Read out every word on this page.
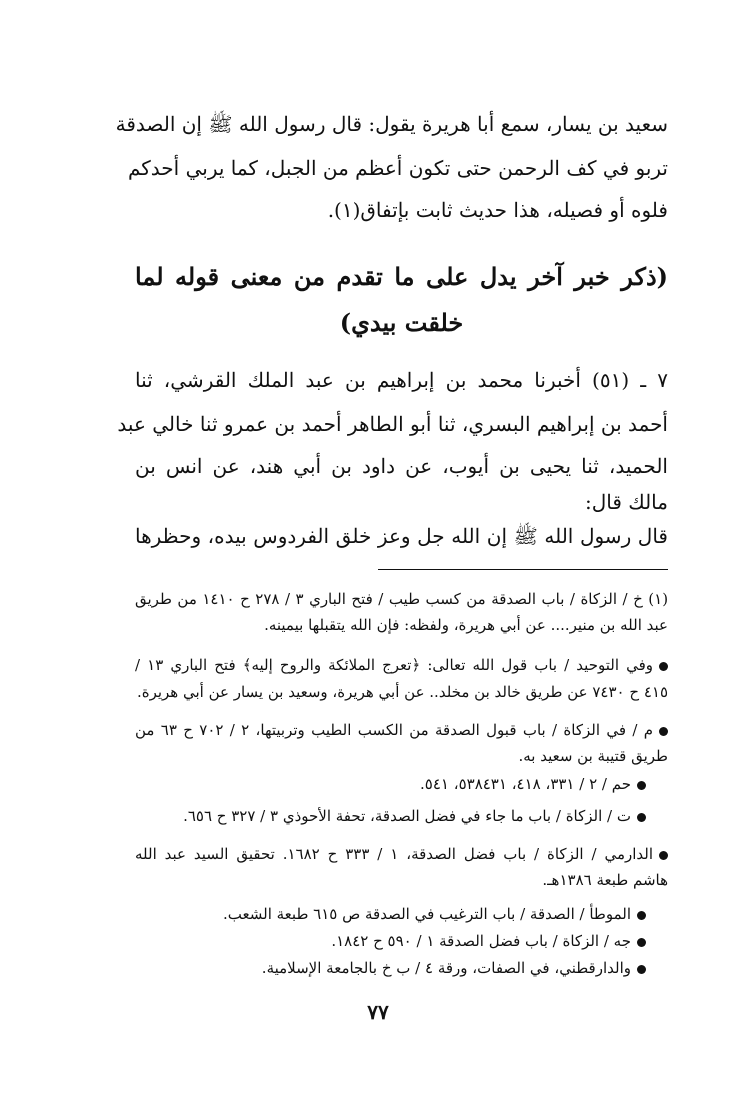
سعيد بن يسار، سمع أبا هريرة يقول: قال رسول الله ﷺ إن الصدقة
تربو في كف الرحمن حتى تكون أعظم من الجبل، كما يربي أحدكم
فلوه أو فصيله، هذا حديث ثابت بإتفاق(١).
(ذكر خبر آخر يدل على ما تقدم من معنى قوله لما
خلقت بيدي)
٧ ـ (٥١) أخبرنا محمد بن إبراهيم بن عبد الملك القرشي، ثنا
أحمد بن إبراهيم البسري، ثنا أبو الطاهر أحمد بن عمرو ثنا خالي عبد
الحميد، ثنا يحيى بن أيوب، عن داود بن أبي هند، عن انس بن
مالك قال:
قال رسول الله ﷺ إن الله جل وعز خلق الفردوس بيده، وحظرها
(١) خ / الزكاة / باب الصدقة من كسب طيب / فتح الباري ٣ / ٢٧٨ ح ١٤١٠ من طريق
عبد الله بن منير.... عن أبي هريرة، ولفظه: فإن الله يتقبلها بيمينه.
وفي التوحيد / باب قول الله تعالى: ﴿تعرج الملائكة والروح إليه﴾ فتح الباري ١٣ /
٤١٥ ح ٧٤٣٠ عن طريق خالد بن مخلد.. عن أبي هريرة، وسعيد بن يسار عن أبي هريرة.
م / في الزكاة / باب قبول الصدقة من الكسب الطيب وتربيتها، ٢ / ٧٠٢ ح ٦٣ من
طريق قتيبة بن سعيد به.
حم / ٢ / ٣٣١، ٤١٨، ٥٣٨٤٣١، ٥٤١.
ت / الزكاة / باب ما جاء في فضل الصدقة، تحفة الأحوذي ٣ / ٣٢٧ ح ٦٥٦.
الدارمي / الزكاة / باب فضل الصدقة، ١ / ٣٣٣ ح ١٦٨٢. تحقيق السيد عبد الله
هاشم طبعة ١٣٨٦هـ.
الموطأ / الصدقة / باب الترغيب في الصدقة ص ٦١٥ طبعة الشعب.
جه / الزكاة / باب فضل الصدقة ١ / ٥٩٠ ح ١٨٤٢.
والدارقطني، في الصفات، ورقة ٤ / ب خ بالجامعة الإسلامية.
٧٧
